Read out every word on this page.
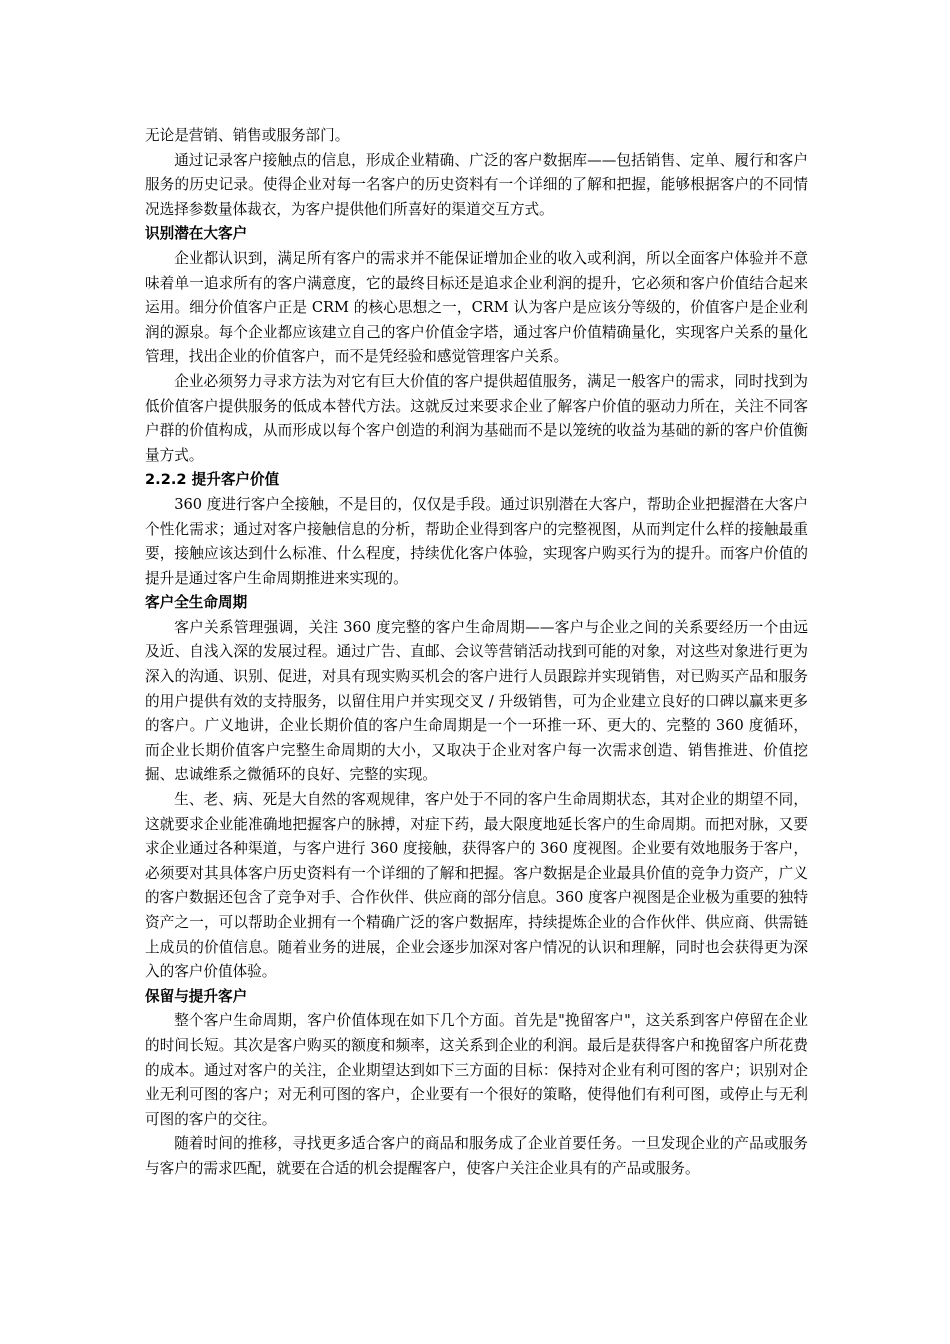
无论是营销、销售或服务部门。

通过记录客户接触点的信息，形成企业精确、广泛的客户数据库——包括销售、定单、履行和客户服务的历史记录。使得企业对每一名客户的历史资料有一个详细的了解和把握，能够根据客户的不同情况选择参数量体裁衣，为客户提供他们所喜好的渠道交互方式。

识别潜在大客户

企业都认识到，满足所有客户的需求并不能保证增加企业的收入或利润，所以全面客户体验并不意味着单一追求所有的客户满意度，它的最终目标还是追求企业利润的提升，它必须和客户价值结合起来运用。细分价值客户正是 CRM 的核心思想之一，CRM 认为客户是应该分等级的，价值客户是企业利润的源泉。每个企业都应该建立自己的客户价值金字塔，通过客户价值精确量化，实现客户关系的量化管理，找出企业的价值客户，而不是凭经验和感觉管理客户关系。

企业必须努力寻求方法为对它有巨大价值的客户提供超值服务，满足一般客户的需求，同时找到为低价值客户提供服务的低成本替代方法。这就反过来要求企业了解客户价值的驱动力所在，关注不同客户群的价值构成，从而形成以每个客户创造的利润为基础而不是以笼统的收益为基础的新的客户价值衡量方式。

2.2.2 提升客户价值

360 度进行客户全接触，不是目的，仅仅是手段。通过识别潜在大客户，帮助企业把握潜在大客户个性化需求；通过对客户接触信息的分析，帮助企业得到客户的完整视图，从而判定什么样的接触最重要，接触应该达到什么标准、什么程度，持续优化客户体验，实现客户购买行为的提升。而客户价值的提升是通过客户生命周期推进来实现的。

客户全生命周期

客户关系管理强调，关注 360 度完整的客户生命周期——客户与企业之间的关系要经历一个由远及近、自浅入深的发展过程。通过广告、直邮、会议等营销活动找到可能的对象，对这些对象进行更为深入的沟通、识别、促进，对具有现实购买机会的客户进行人员跟踪并实现销售，对已购买产品和服务的用户提供有效的支持服务，以留住用户并实现交叉 / 升级销售，可为企业建立良好的口碑以赢来更多的客户。广义地讲，企业长期价值的客户生命周期是一个一环推一环、更大的、完整的 360 度循环，而企业长期价值客户完整生命周期的大小，又取决于企业对客户每一次需求创造、销售推进、价值挖掘、忠诚维系之微循环的良好、完整的实现。

生、老、病、死是大自然的客观规律，客户处于不同的客户生命周期状态，其对企业的期望不同，这就要求企业能准确地把握客户的脉搏，对症下药，最大限度地延长客户的生命周期。而把对脉，又要求企业通过各种渠道，与客户进行 360 度接触，获得客户的 360 度视图。企业要有效地服务于客户，必须要对其具体客户历史资料有一个详细的了解和把握。客户数据是企业最具价值的竞争力资产，广义的客户数据还包含了竞争对手、合作伙伴、供应商的部分信息。360 度客户视图是企业极为重要的独特资产之一，可以帮助企业拥有一个精确广泛的客户数据库，持续提炼企业的合作伙伴、供应商、供需链上成员的价值信息。随着业务的进展，企业会逐步加深对客户情况的认识和理解，同时也会获得更为深入的客户价值体验。

保留与提升客户

整个客户生命周期，客户价值体现在如下几个方面。首先是"挽留客户"，这关系到客户停留在企业的时间长短。其次是客户购买的额度和频率，这关系到企业的利润。最后是获得客户和挽留客户所花费的成本。通过对客户的关注，企业期望达到如下三方面的目标：保持对企业有利可图的客户；识别对企业无利可图的客户；对无利可图的客户，企业要有一个很好的策略，使得他们有利可图，或停止与无利可图的客户的交往。

随着时间的推移，寻找更多适合客户的商品和服务成了企业首要任务。一旦发现企业的产品或服务与客户的需求匹配，就要在合适的机会提醒客户，使客户关注企业具有的产品或服务。
